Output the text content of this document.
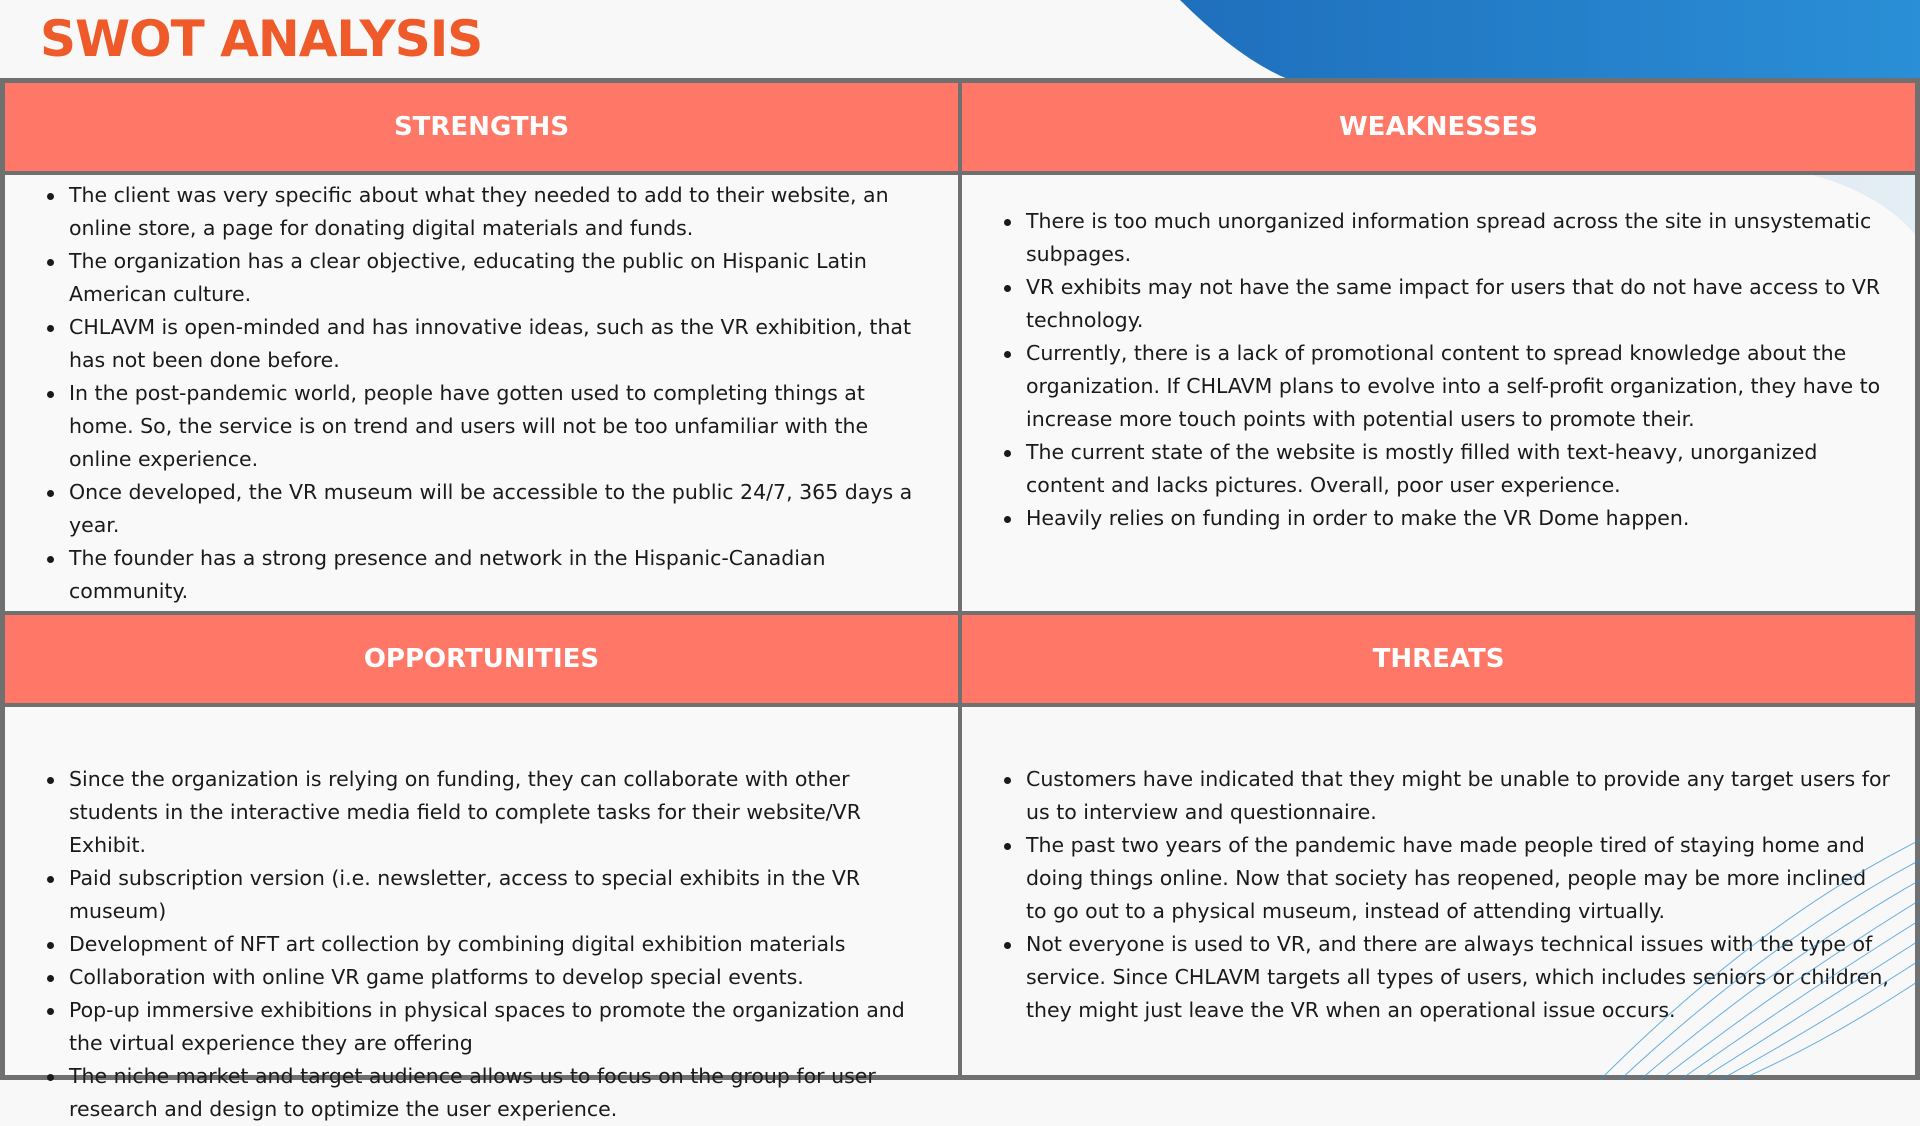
SWOT ANALYSIS
STRENGTHS	WEAKNESSES
The client was very specific about what they needed to add to their website, an online store, a page for donating digital materials and funds.
The organization has a clear objective, educating the public on Hispanic Latin American culture.
CHLAVM is open-minded and has innovative ideas, such as the VR exhibition, that has not been done before.
In the post-pandemic world, people have gotten used to completing things at home. So, the service is on trend and users will not be too unfamiliar with the online experience.
Once developed, the VR museum will be accessible to the public 24/7, 365 days a year.
The founder has a strong presence and network in the Hispanic-Canadian community.
There is too much unorganized information spread across the site in unsystematic subpages.
VR exhibits may not have the same impact for users that do not have access to VR technology.
Currently, there is a lack of promotional content to spread knowledge about the organization. If CHLAVM plans to evolve into a self-profit organization, they have to increase more touch points with potential users to promote their.
The current state of the website is mostly filled with text-heavy, unorganized content and lacks pictures. Overall, poor user experience.
Heavily relies on funding in order to make the VR Dome happen.
OPPORTUNITIES	THREATS
Since the organization is relying on funding, they can collaborate with other students in the interactive media field to complete tasks for their website/VR Exhibit.
Paid subscription version (i.e. newsletter, access to special exhibits in the VR museum)
Development of NFT art collection by combining digital exhibition materials
Collaboration with online VR game platforms to develop special events.
Pop-up immersive exhibitions in physical spaces to promote the organization and the virtual experience they are offering
The niche market and target audience allows us to focus on the group for user research and design to optimize the user experience.
Customers have indicated that they might be unable to provide any target users for us to interview and questionnaire.
The past two years of the pandemic have made people tired of staying home and doing things online. Now that society has reopened, people may be more inclined to go out to a physical museum, instead of attending virtually.
Not everyone is used to VR, and there are always technical issues with the type of service. Since CHLAVM targets all types of users, which includes seniors or children, they might just leave the VR when an operational issue occurs.
